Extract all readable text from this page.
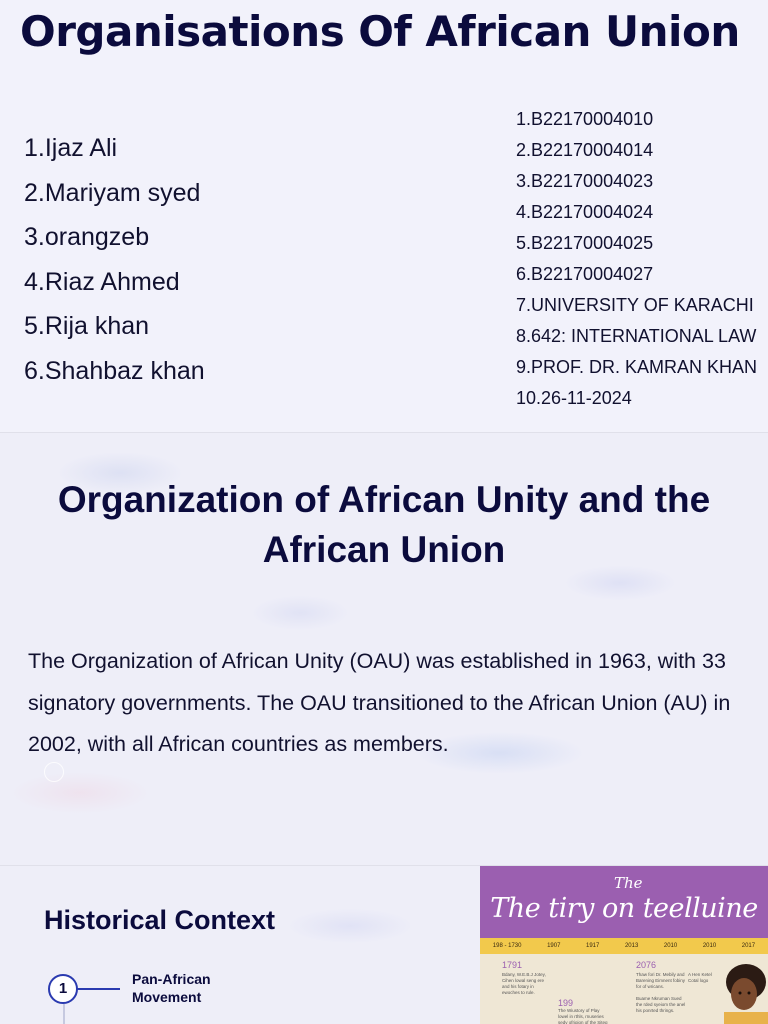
Organisations Of African Union
1.Ijaz Ali
2.Mariyam syed
3.orangzeb
4.Riaz Ahmed
5.Rija khan
6.Shahbaz khan
1.B22170004010
2.B22170004014
3.B22170004023
4.B22170004024
5.B22170004025
6.B22170004027
7.UNIVERSITY OF KARACHI
8.642: INTERNATIONAL LAW
9.PROF. DR. KAMRAN KHAN
10.26-11-2024
Organization of African Unity and the African Union

The Organization of African Unity (OAU) was established in 1963, with 33 signatory governments. The OAU transitioned to the African Union (AU) in 2002, with all African countries as members.

Historical Context
1
Pan-African Movement
The
The tiry on teelluine
198 - 1730	1907	1917	2013	2010	2010	2017
1791
Bdany, W.E.B.J Jotey, Cihen lowal seng ere and his fotary in ewoches to rule.
199
The Wiustory of Play lowel in rthls, rnuseries sedy ofrigion of the Siteg
2076
Thaw fori Dr. Mebily and Barening Eimnent fobiny for of wricans.
A Hen Ketel Cotal logo
Buame Nkruman Sued the rded syeiom the anel his ponrted thrings.
